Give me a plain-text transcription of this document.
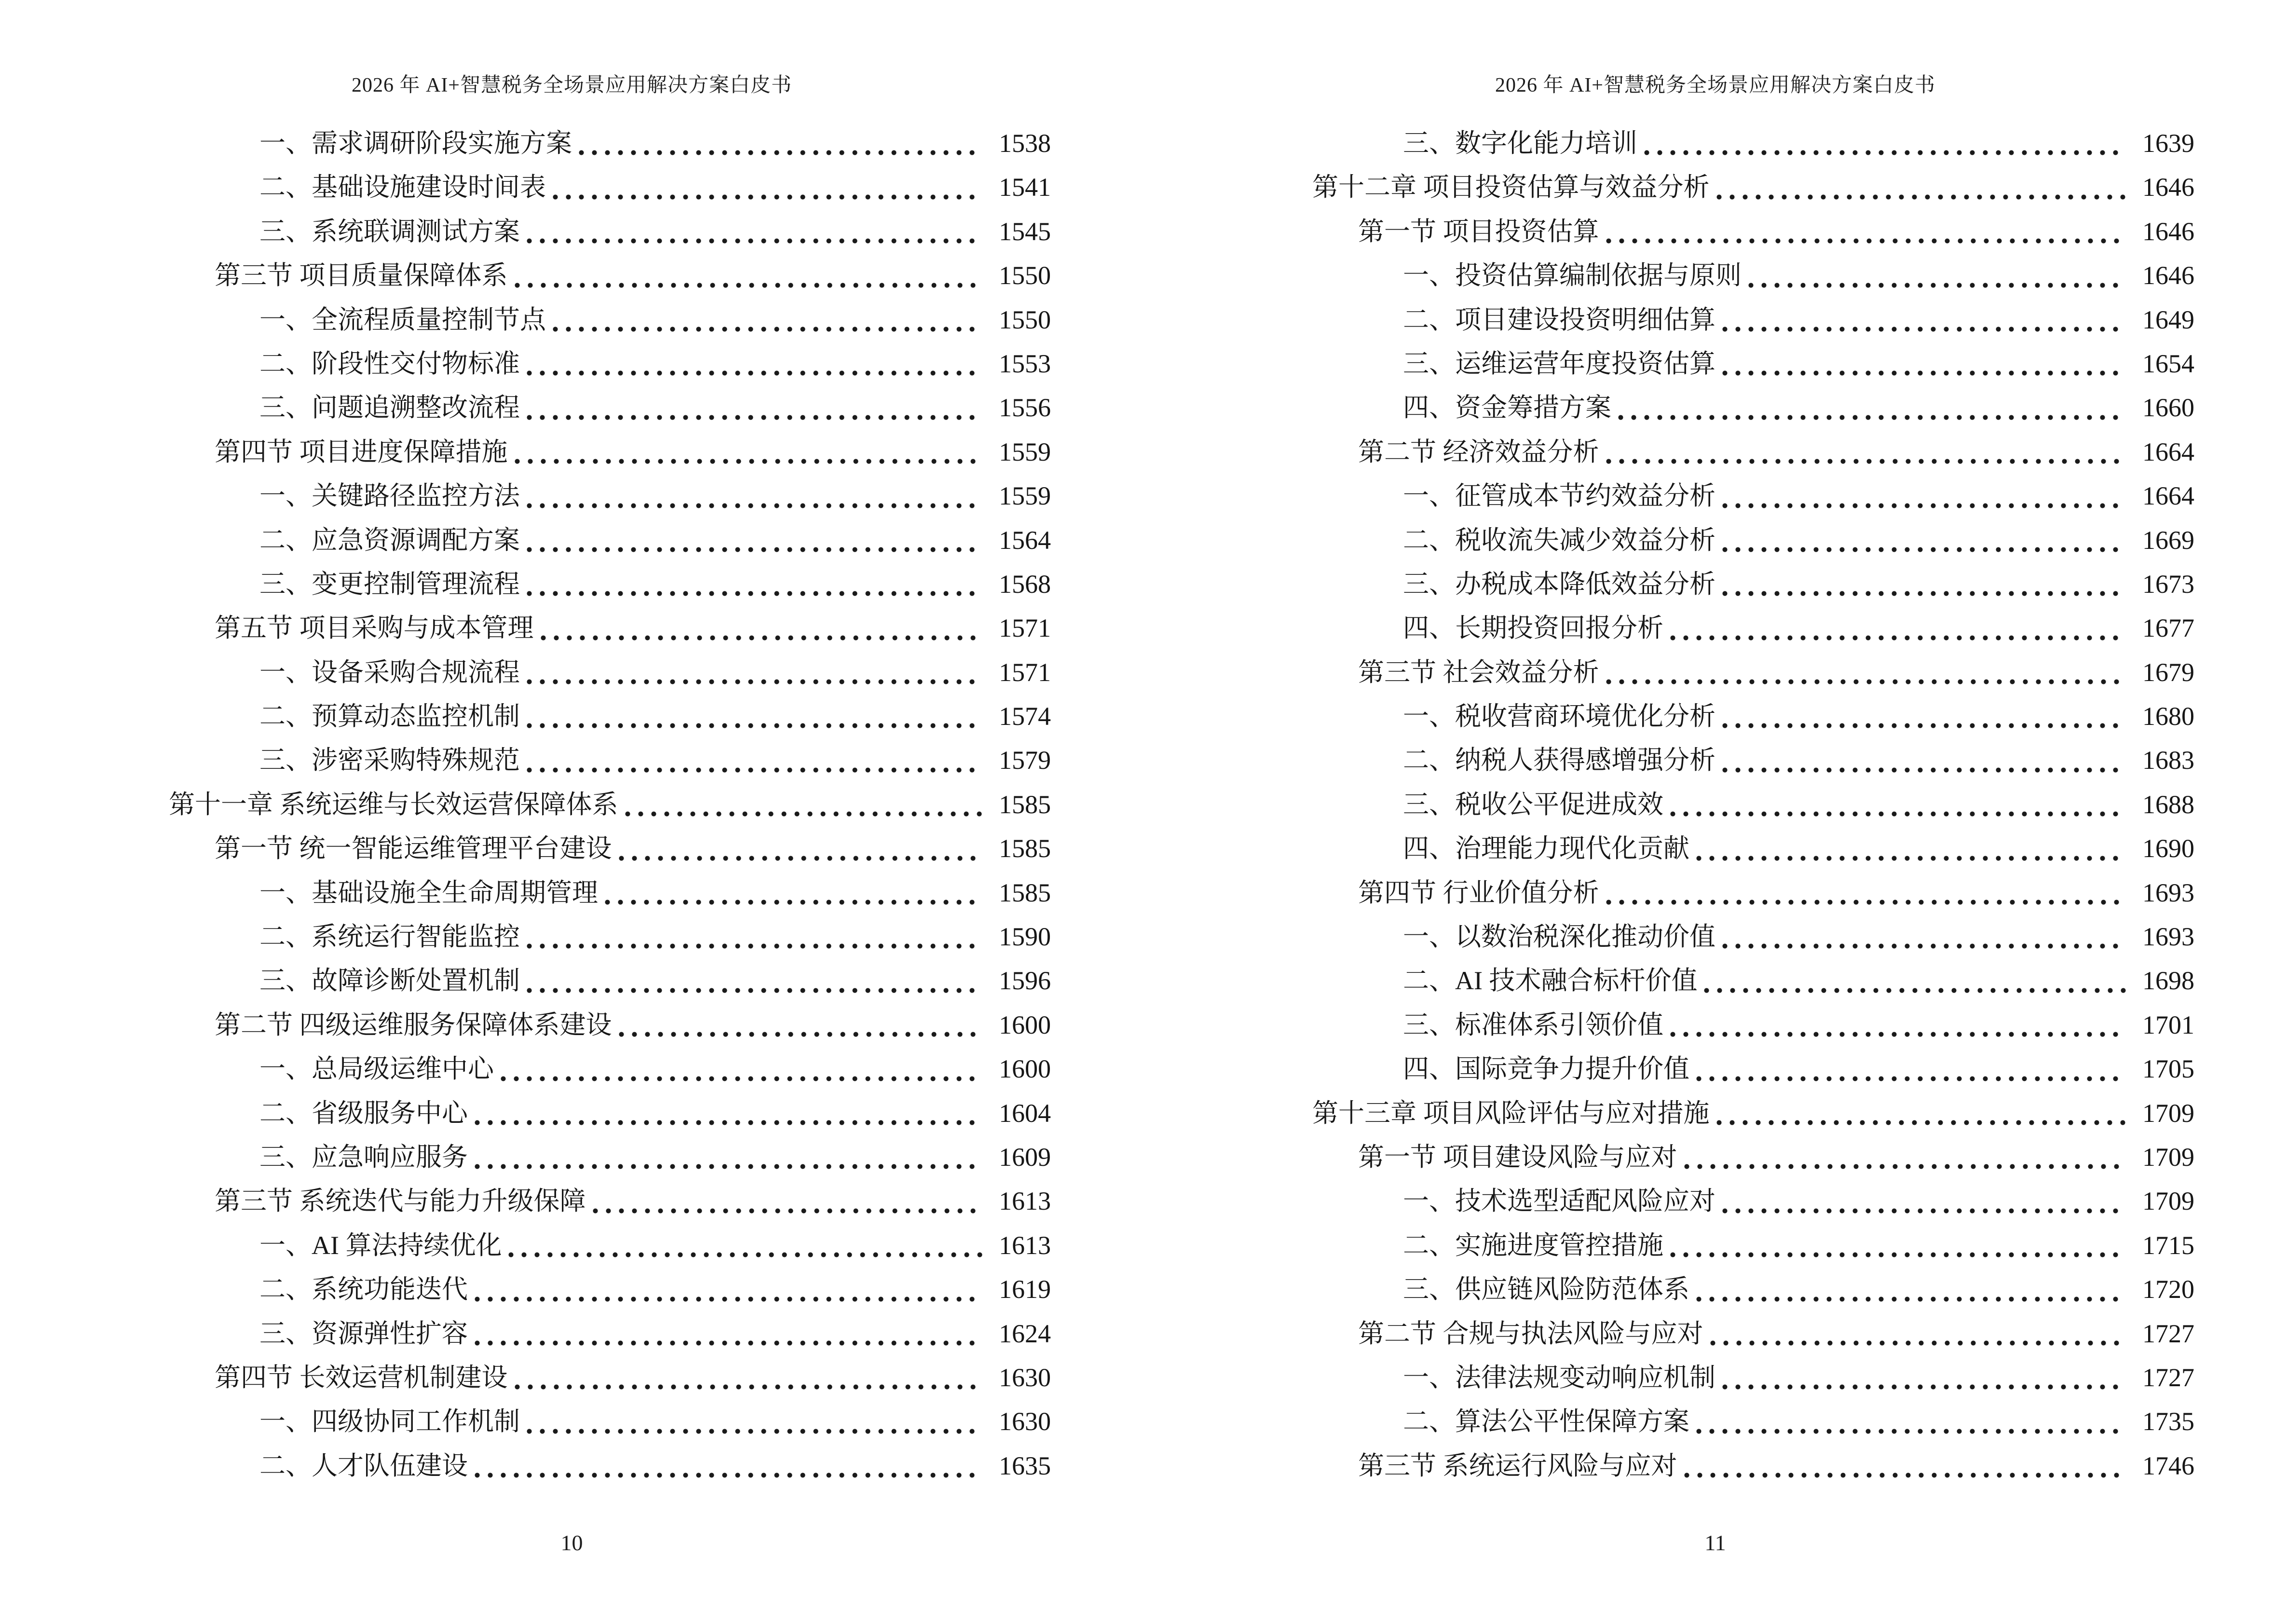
2026 年 AI+智慧税务全场景应用解决方案白皮书
一、需求调研阶段实施方案	1538
二、基础设施建设时间表	1541
三、系统联调测试方案	1545
第三节 项目质量保障体系	1550
一、全流程质量控制节点	1550
二、阶段性交付物标准	1553
三、问题追溯整改流程	1556
第四节 项目进度保障措施	1559
一、关键路径监控方法	1559
二、应急资源调配方案	1564
三、变更控制管理流程	1568
第五节 项目采购与成本管理	1571
一、设备采购合规流程	1571
二、预算动态监控机制	1574
三、涉密采购特殊规范	1579
第十一章 系统运维与长效运营保障体系	1585
第一节 统一智能运维管理平台建设	1585
一、基础设施全生命周期管理	1585
二、系统运行智能监控	1590
三、故障诊断处置机制	1596
第二节 四级运维服务保障体系建设	1600
一、总局级运维中心	1600
二、省级服务中心	1604
三、应急响应服务	1609
第三节 系统迭代与能力升级保障	1613
一、AI 算法持续优化	1613
二、系统功能迭代	1619
三、资源弹性扩容	1624
第四节 长效运营机制建设	1630
一、四级协同工作机制	1630
二、人才队伍建设	1635
10
2026 年 AI+智慧税务全场景应用解决方案白皮书
三、数字化能力培训	1639
第十二章 项目投资估算与效益分析	1646
第一节 项目投资估算	1646
一、投资估算编制依据与原则	1646
二、项目建设投资明细估算	1649
三、运维运营年度投资估算	1654
四、资金筹措方案	1660
第二节 经济效益分析	1664
一、征管成本节约效益分析	1664
二、税收流失减少效益分析	1669
三、办税成本降低效益分析	1673
四、长期投资回报分析	1677
第三节 社会效益分析	1679
一、税收营商环境优化分析	1680
二、纳税人获得感增强分析	1683
三、税收公平促进成效	1688
四、治理能力现代化贡献	1690
第四节 行业价值分析	1693
一、以数治税深化推动价值	1693
二、AI 技术融合标杆价值	1698
三、标准体系引领价值	1701
四、国际竞争力提升价值	1705
第十三章 项目风险评估与应对措施	1709
第一节 项目建设风险与应对	1709
一、技术选型适配风险应对	1709
二、实施进度管控措施	1715
三、供应链风险防范体系	1720
第二节 合规与执法风险与应对	1727
一、法律法规变动响应机制	1727
二、算法公平性保障方案	1735
第三节 系统运行风险与应对	1746
11
